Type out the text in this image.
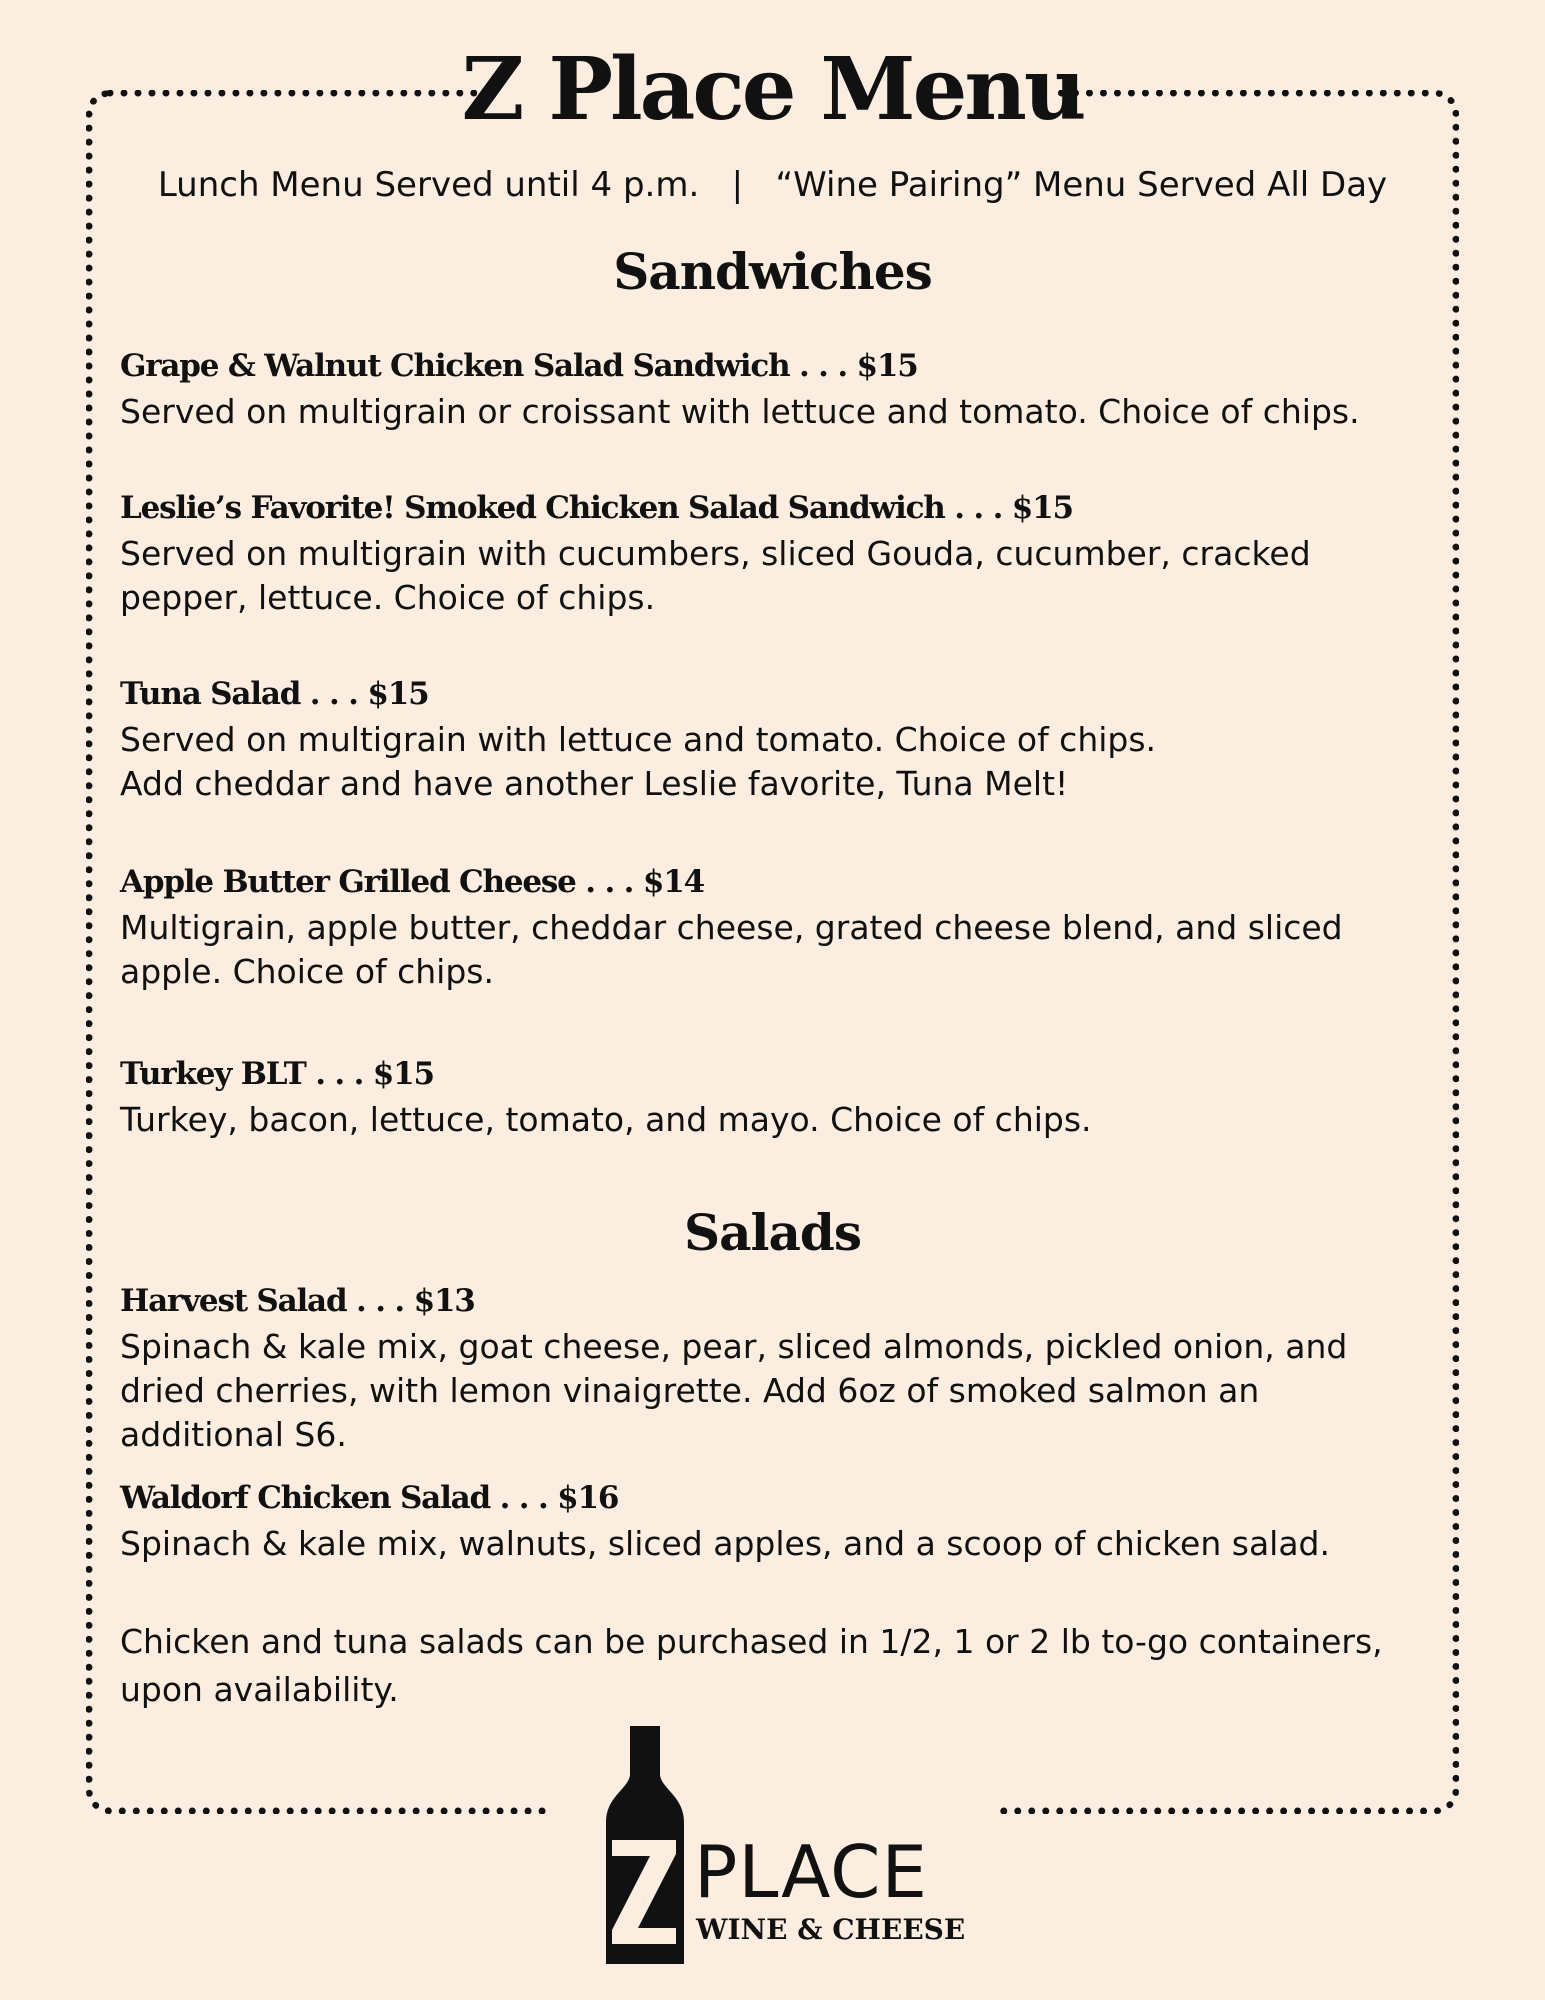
Z Place Menu
Lunch Menu Served until 4 p.m.   |   “Wine Pairing” Menu Served All Day
Sandwiches
Grape & Walnut Chicken Salad Sandwich . . . $15
Served on multigrain or croissant with lettuce and tomato. Choice of chips.
Leslie’s Favorite! Smoked Chicken Salad Sandwich . . . $15
Served on multigrain with cucumbers, sliced Gouda, cucumber, cracked pepper, lettuce. Choice of chips.
Tuna Salad . . . $15
Served on multigrain with lettuce and tomato. Choice of chips.
Add cheddar and have another Leslie favorite, Tuna Melt!
Apple Butter Grilled Cheese . . . $14
Multigrain, apple butter, cheddar cheese, grated cheese blend, and sliced apple. Choice of chips.
Turkey BLT . . . $15
Turkey, bacon, lettuce, tomato, and mayo. Choice of chips.
Salads
Harvest Salad . . . $13
Spinach & kale mix, goat cheese, pear, sliced almonds, pickled onion, and dried cherries, with lemon vinaigrette. Add 6oz of smoked salmon an additional S6.
Waldorf Chicken Salad . . . $16
Spinach & kale mix, walnuts, sliced apples, and a scoop of chicken salad.
Chicken and tuna salads can be purchased in 1/2, 1 or 2 lb to-go containers, upon availability.
Z PLACE
WINE & CHEESE
